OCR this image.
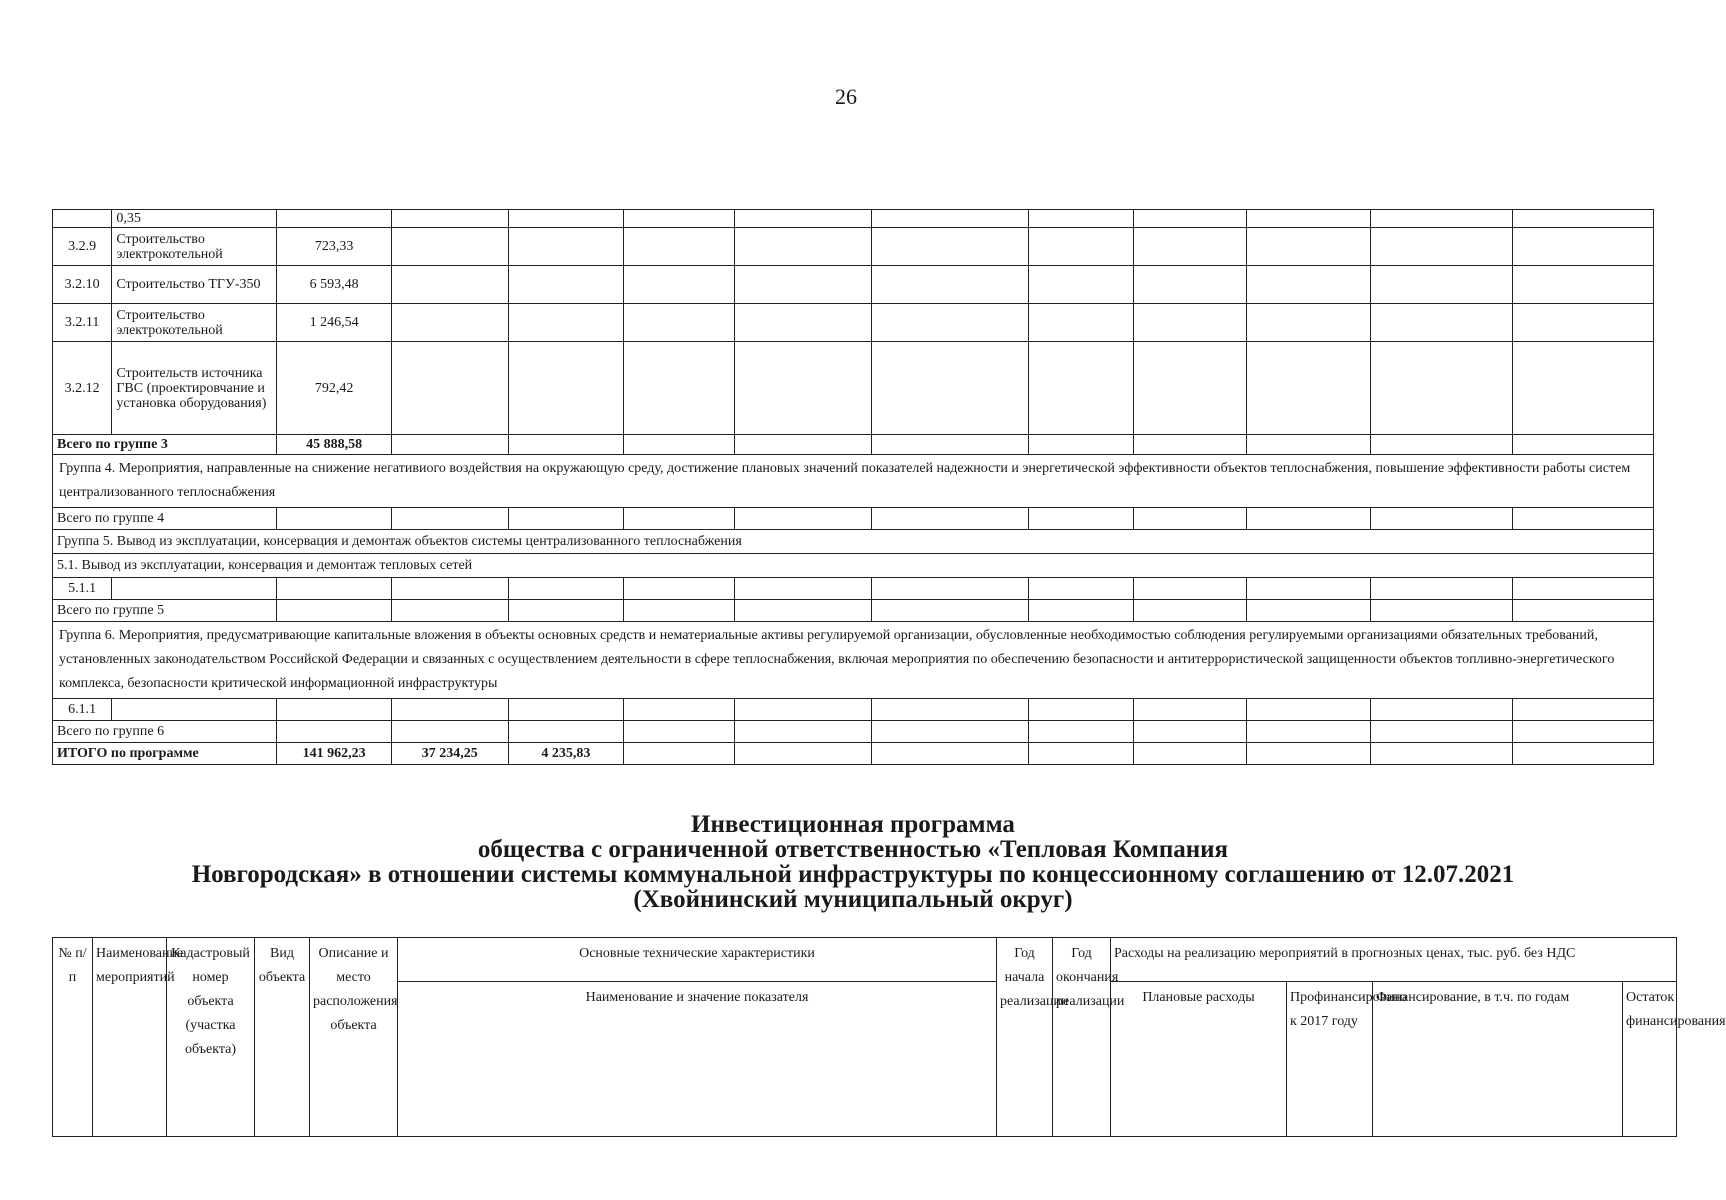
26
	0,35											
3.2.9	Строительство электрокотельной	723,33										
3.2.10	Строительство ТГУ-350	6 593,48										
3.2.11	Строительство электрокотельной	1 246,54										
3.2.12	Строительств источника ГВС (проектировчание и установка оборудования)	792,42										
Всего по группе 3		45 888,58										
Группа 4. Мероприятия, направленные на снижение негативиого воздействия на окружающую среду, достижение плановых значений показателей надежности и энергетической эффективности объектов теплоснабжения, повышение эффективности работы систем централизованного теплоснабжения												
Всего по группе 4												
Группа 5. Вывод из эксплуатации, консервация и демонтаж объектов системы централизованного теплоснабжения												
5.1. Вывод из эксплуатации, консервация и демонтаж тепловых сетей												
5.1.1												
Всего по группе 5												
Группа 6. Мероприятия, предусматривающие капитальные вложения в объекты основных средств и нематериальные активы регулируемой организации, обусловленные необходимостью соблюдения регулируемыми организациями обязательных требований, установленных законодательством Российской Федерации и связанных с осуществлением деятельности в сфере теплоснабжения, включая мероприятия по обеспечению безопасности и антитеррористической защищенности объектов топливно-энергетического комплекса, безопасности критической информационной инфраструктуры												
6.1.1												
Всего по группе 6												
ИТОГО по программе		141 962,23	37 234,25	4 235,83								
Инвестиционная программа
общества с ограниченной ответственностью «Тепловая Компания
Новгородская» в отношении системы коммунальной инфраструктуры по концессионному соглашению от 12.07.2021
(Хвойнинский муниципальный округ)
№ п/п	Наименование мероприятий	Кадастровый номер объекта (участка объекта)	Вид объекта	Описание и место расположения объекта	Основные технические характеристики	Год начала реализации	Год окончания реализации	Расходы на реализацию мероприятий в прогнозных ценах, тыс. руб. без НДС			
					Наименование и значение показателя			Плановые расходы	Профинансировано к 2017 году	Финансирование, в т.ч. по годам	Остаток финансирования
